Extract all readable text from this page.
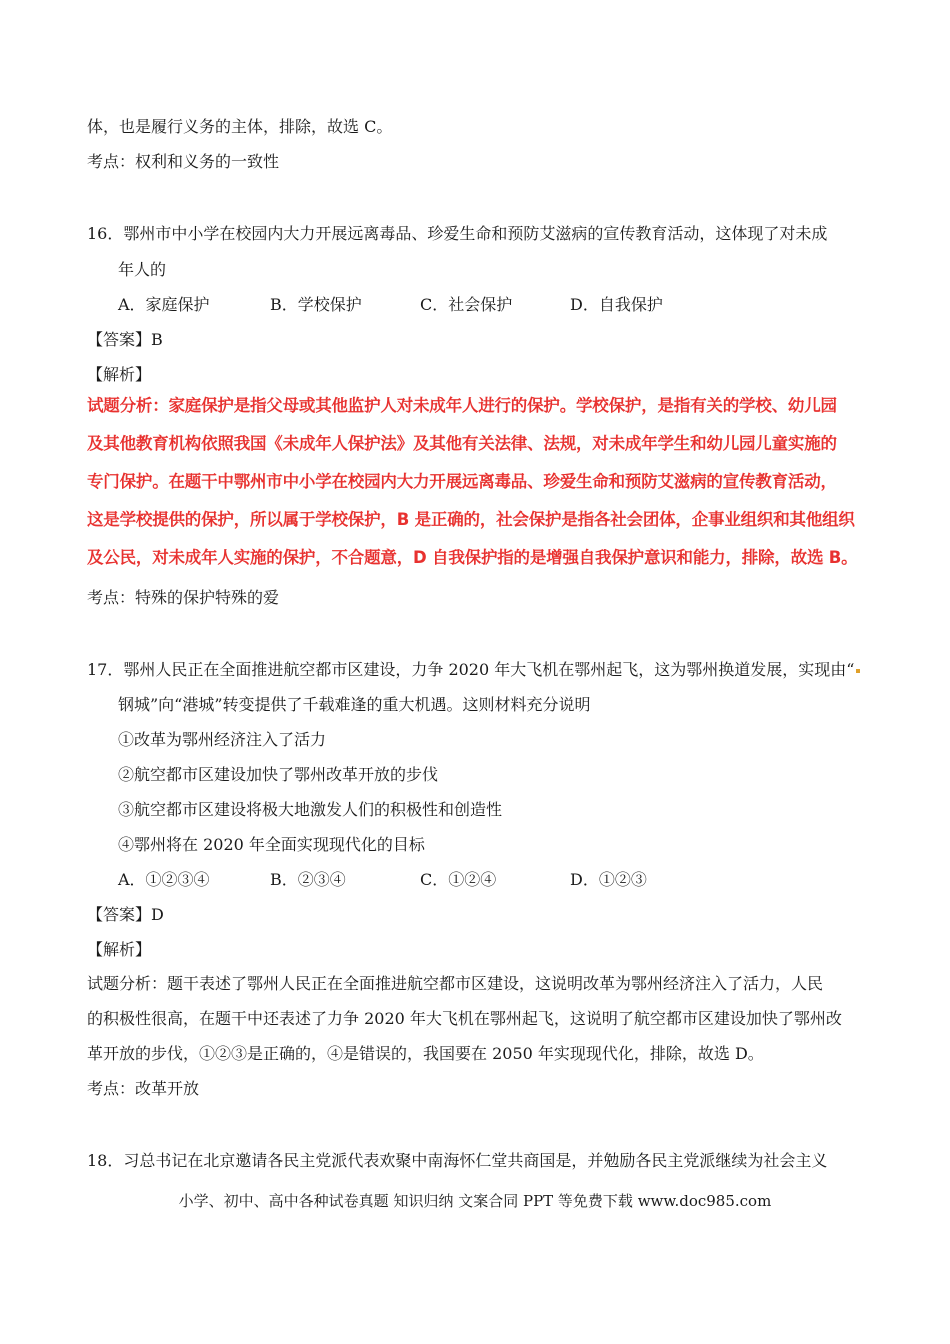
体，也是履行义务的主体，排除，故选 C。
考点：权利和义务的一致性
16．鄂州市中小学在校园内大力开展远离毒品、珍爱生命和预防艾滋病的宣传教育活动，这体现了对未成
年人的
A．家庭保护	B．学校保护	C．社会保护	D．自我保护
【答案】B
【解析】
试题分析：家庭保护是指父母或其他监护人对未成年人进行的保护。学校保护，是指有关的学校、幼儿园
及其他教育机构依照我国《未成年人保护法》及其他有关法律、法规，对未成年学生和幼儿园儿童实施的
专门保护。在题干中鄂州市中小学在校园内大力开展远离毒品、珍爱生命和预防艾滋病的宣传教育活动，
这是学校提供的保护，所以属于学校保护，B 是正确的，社会保护是指各社会团体，企事业组织和其他组织
及公民，对未成年人实施的保护，不合题意，D 自我保护指的是增强自我保护意识和能力，排除，故选 B。
考点：特殊的保护特殊的爱
17．鄂州人民正在全面推进航空都市区建设，力争 2020 年大飞机在鄂州起飞，这为鄂州换道发展，实现由“
钢城”向“港城”转变提供了千载难逢的重大机遇。这则材料充分说明
①改革为鄂州经济注入了活力
②航空都市区建设加快了鄂州改革开放的步伐
③航空都市区建设将极大地激发人们的积极性和创造性
④鄂州将在 2020 年全面实现现代化的目标
A．①②③④	B．②③④	C．①②④	D．①②③
【答案】D
【解析】
试题分析：题干表述了鄂州人民正在全面推进航空都市区建设，这说明改革为鄂州经济注入了活力，人民
的积极性很高，在题干中还表述了力争 2020 年大飞机在鄂州起飞，这说明了航空都市区建设加快了鄂州改
革开放的步伐，①②③是正确的，④是错误的，我国要在 2050 年实现现代化，排除，故选 D。
考点：改革开放
18．习总书记在北京邀请各民主党派代表欢聚中南海怀仁堂共商国是，并勉励各民主党派继续为社会主义
小学、初中、高中各种试卷真题 知识归纳 文案合同 PPT 等免费下载 www.doc985.com
